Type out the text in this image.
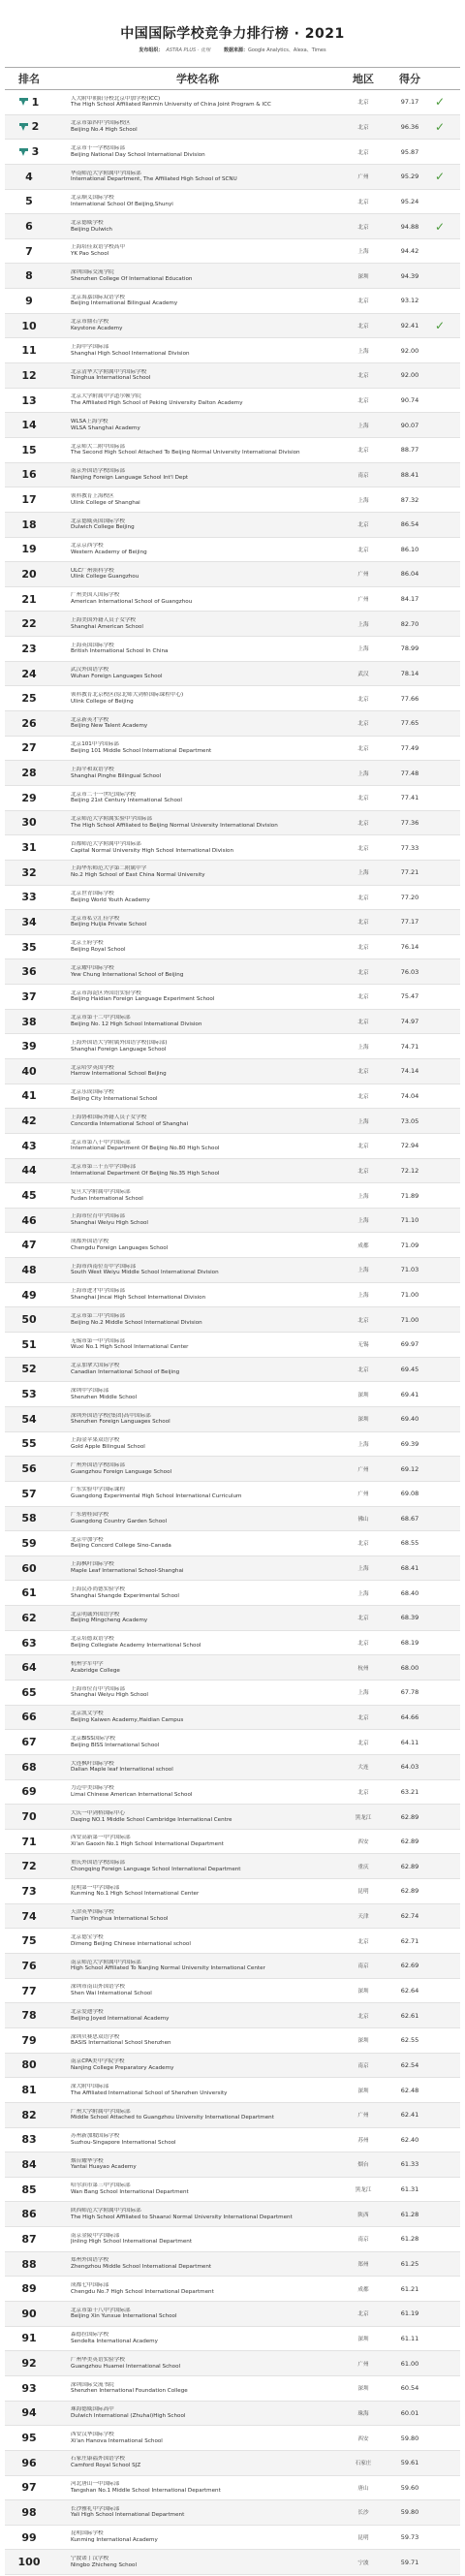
中国国际学校竞争力排行榜 · 2021
发布组织： ASTRA PLUS · 优翔	数据来源：Google Analytics、Alexa、Times
排名	学校名称	地区	得分
1	人大附中朝阳分校北京中加学校(ICC)
The High School Affiliated Renmin University of China Joint Program & ICC	北京	97.17	✓
2	北京市第四中学国际校区
Beijing No.4 High School	北京	96.36	✓
3	北京市十一学校国际部
Beijing National Day School International Division	北京	95.87
4	华南师范大学附属中学国际部
International Department, The Affiliated High School of SCNU	广州	95.29	✓
5	北京顺义国际学校
International School Of Beijing,Shunyi	北京	95.24
6	北京德威学校
Beijing Dulwich	北京	94.88	✓
7	上海培佳双语学校高中
YK Pao School	上海	94.42
8	深圳国际交流学院
Shenzhen College Of International Education	深圳	94.39
9	北京海嘉国际双语学校
Beijing International Bilingual Academy	北京	93.12
10	北京市鼎石学校
Keystone Academy	北京	92.41	✓
11	上海中学国际部
Shanghai High School International Division	上海	92.00
12	北京清华大学附属中学国际学校
Tsinghua International School	北京	92.00
13	北京大学附属中学道尔顿学院
The Affiliated High School of Peking University Dalton Academy	北京	90.74
14	WLSA上海学校
WLSA Shanghai Academy	上海	90.07
15	北京师大二附中国际部
The Second High School Attached To Beijing Normal University International Division	北京	88.77
16	南京外国语学校国际部
Nanjing Foreign Language School Int'l Dept	南京	88.41
17	领科教育上海校区
Ulink College of Shanghai	上海	87.32
18	北京德威英国国际学校
Dulwich College Beijing	北京	86.54
19	北京京西学校
Western Academy of Beijing	北京	86.10
20	ULC广州领科学校
Ulink College Guangzhou	广州	86.04
21	广州美国人国际学校
American International School of Guangzhou	广州	84.17
22	上海美国外籍人员子女学校
Shanghai American School	上海	82.70
23	上海英国国际学校
British International School In China	上海	78.99
24	武汉外国语学校
Wuhan Foreign Languages School	武汉	78.14
25	领科教育北京校区(原北师大剑桥国际课程中心)
Ulink College of Beijing	北京	77.66
26	北京新英才学校
Beijing New Talent Academy	北京	77.65
27	北京101中学国际部
Beijing 101 Middle School International Department	北京	77.49
28	上海平和双语学校
Shanghai Pinghe Bilingual School	上海	77.48
29	北京市二十一世纪国际学校
Beijing 21st Century International School	北京	77.41
30	北京师范大学附属实验中学国际部
The High School Affiliated to Beijing Normal University International Division	北京	77.36
31	首都师范大学附属中学国际部
Capital Normal University High School International Division	北京	77.33
32	上海华东师范大学第二附属中学
No.2 High School of East China Normal University	上海	77.21
33	北京世青国际学校
Beijing World Youth Academy	北京	77.20
34	北京市私立汇佳学校
Beijing Huijia Private School	北京	77.17
35	北京王府学校
Beijing Royal School	北京	76.14
36	北京耀中国际学校
Yew Chung International School of Beijing	北京	76.03
37	北京市海淀区外国语实验学校
Beijing Haidian Foreign Language Experiment School	北京	75.47
38	北京市第十二中学国际部
Beijing No. 12 High School International Division	北京	74.97
39	上海外国语大学附属外国语学校(国际部)
Shanghai Foreign Language School	上海	74.71
40	北京哈罗英国学校
Harrow International School Beijing	北京	74.14
41	北京乐成国际学校
Beijing City International School	北京	74.04
42	上海协和国际外籍人员子女学校
Concordia International School of Shanghai	上海	73.05
43	北京市第八十中学国际部
International Department Of Beijing No.80 High School	北京	72.94
44	北京市第三十五中学国际部
International Department Of Beijing No.35 High School	北京	72.12
45	复旦大学附属中学国际部
Fudan International School	上海	71.89
46	上海市位育中学国际部
Shanghai Weiyu High School	上海	71.10
47	成都外国语学校
Chengdu Foreign Languages School	成都	71.09
48	上海市西南位育中学国际部
South West Weiyu Middle School International Division	上海	71.03
49	上海市进才中学国际部
Shanghai Jincai High School International Division	上海	71.00
50	北京市第二中学国际部
Beijing No.2 Middle School International Division	北京	71.00
51	无锡市第一中学国际部
Wuxi No.1 High School International Center	无锡	69.97
52	北京加拿大国际学校
Canadian International School of Beijing	北京	69.45
53	深圳中学国际部
Shenzhen Middle School	深圳	69.41
54	深圳外国语学校(集团)高中国际部
Shenzhen Foreign Languages School	深圳	69.40
55	上海金苹果双语学校
Gold Apple Bilingual School	上海	69.39
56	广州外国语学校国际部
Guangzhou Foreign Language School	广州	69.12
57	广东实验中学国际课程
Guangdong Experimental High School International Curriculum	广州	69.08
58	广东碧桂园学校
Guangdong Country Garden School	佛山	68.67
59	北京中加学校
Beijing Concord College Sino-Canada	北京	68.55
60	上海枫叶国际学校
Maple Leaf International School-Shanghai	上海	68.41
61	上海民办尚德实验学校
Shanghai Shangde Experimental School	上海	68.40
62	北京明诚外国语学校
Beijing Mingcheng Academy	北京	68.39
63	北京培德双语学校
Beijing Collegiate Academy International School	北京	68.19
64	杭州学军中学
Acabridge College	杭州	68.00
65	上海市位育中学国际部
Shanghai Weiyu High School	上海	67.78
66	北京凯文学校
Beijing Kaiwen Academy,Haidian Campus	北京	64.66
67	北京BISS国际学校
Beijing BISS International School	北京	64.11
68	大连枫叶国际学校
Dalian Maple leaf International school	大连	64.03
69	力迈中美国际学校
Limai Chinese American International School	北京	63.21
70	大庆一中剑桥国际中心
Daqing NO.1 Middle School Cambridge International Centre	黑龙江	62.89
71	西安高新第一中学国际部
Xi'an Gaoxin No.1 High School International Department	西安	62.89
72	重庆外国语学校国际部
Chongqing Foreign Language School International Department	重庆	62.89
73	昆明第一中学国际部
Kunming No.1 High School International Center	昆明	62.89
74	天津英华国际学校
Tianjin Yinghua International School	天津	62.74
75	北京德宝学校
Dimeng Beijing Chinese international school	北京	62.71
76	南京师范大学附属中学国际部
High School Affiliated To Nanjing Normal University International Center	南京	62.69
77	深圳市南山外国语学校
Shen Wai International School	深圳	62.64
78	北京爱迪学校
Beijing Joyed International Academy	北京	62.61
79	深圳贝赛思双语学校
BASIS International School Shenzhen	深圳	62.55
80	南京CPA美中学院学校
Nanjing College Preparatory Academy	南京	62.54
81	深大附中国际部
The Affiliated International School of Shenzhen University	深圳	62.48
82	广州大学附属中学国际部
Middle School Attached to Guangzhou University International Department	广州	62.41
83	苏州新加坡国际学校
Suzhou-Singapore International School	苏州	62.40
84	烟台耀华学校
Yantai Huayao Academy	烟台	61.33
85	哈尔滨市第三中学国际部
Wan Bang School International Department	黑龙江	61.31
86	陕西师范大学附属中学国际部
The High School Affiliated to Shaanxi Normal University International Department	陕西	61.28
87	南京金陵中学国际部
Jinling High School International Department	南京	61.28
88	郑州外国语学校
Zhengzhou Middle School International Department	郑州	61.25
89	成都七中国际部
Chengdu No.7 High School International Department	成都	61.21
90	北京市第十八中学国际部
Beijing Xin Yunxue International School	北京	61.19
91	森德拉国际学校
Sendelta International Academy	深圳	61.11
92	广州华美英语实验学校
Guangzhou Huamei International School	广州	61.00
93	深圳国际交流书院
Shenzhen International Foundation College	深圳	60.54
94	珠海德威国际高中
Dulwich International (Zhuhai)High School	珠海	60.01
95	西安汉华国际学校
Xi'an Hanova International School	西安	59.80
96	石家庄康福外国语学校
Camford Royal School SJZ	石家庄	59.61
97	河北唐山一中国际部
Tangshan No.1 Middle School International Department	唐山	59.60
98	长沙雅礼中学国际部
Yali High School International Department	长沙	59.80
99	昆明国际学校
Kunming International Academy	昆明	59.73
100	宁波诺丁汉学校
Ningbo Zhicheng School	宁波	59.71
